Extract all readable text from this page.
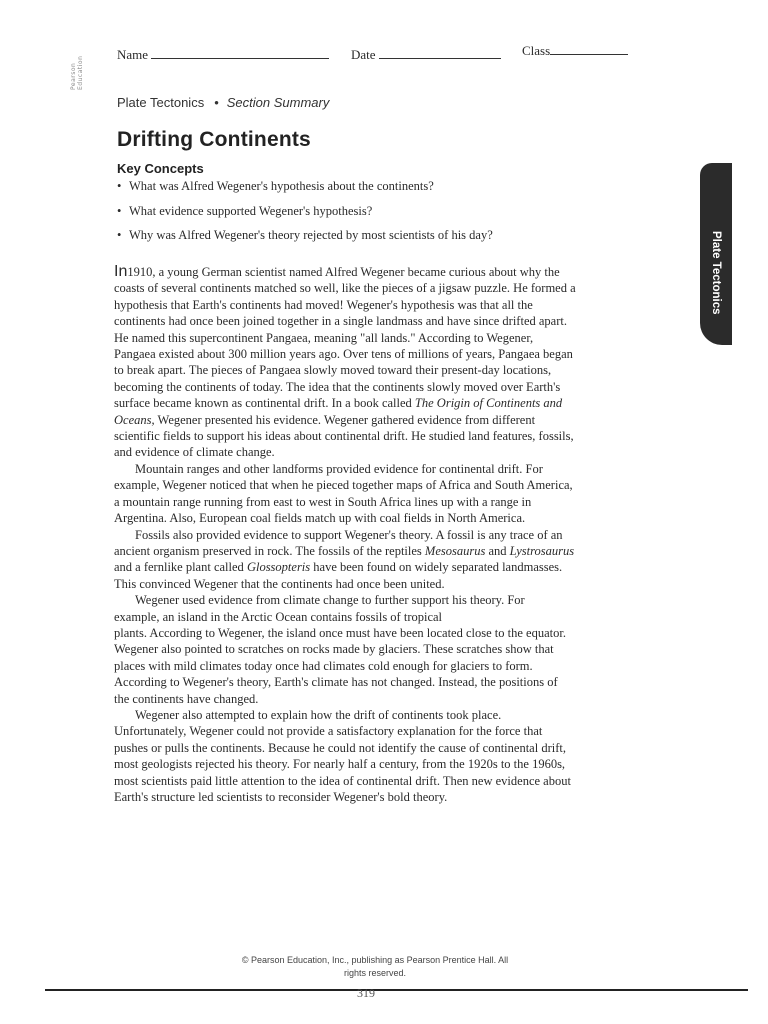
Pearson Education
Name	Date	Class
Plate Tectonics • Section Summary
Drifting Continents
Key Concepts
• What was Alfred Wegener's hypothesis about the continents?
• What evidence supported Wegener's hypothesis?
• Why was Alfred Wegener's theory rejected by most scientists of his day?	Plate Tectonics

In1910, a young German scientist named Alfred Wegener became curious about why the coasts of several continents matched so well, like the pieces of a jigsaw puzzle. He formed a hypothesis that Earth's continents had moved! Wegener's hypothesis was that all the continents had once been joined together in a single landmass and have since drifted apart. He named this supercontinent Pangaea, meaning "all lands." According to Wegener, Pangaea existed about 300 million years ago. Over tens of millions of years, Pangaea began to break apart. The pieces of Pangaea slowly moved toward their present-day locations, becoming the continents of today. The idea that the continents slowly moved over Earth's surface became known as continental drift. In a book called The Origin of Continents and Oceans, Wegener presented his evidence. Wegener gathered evidence from different scientific fields to support his ideas about continental drift. He studied land features, fossils, and evidence of climate change.

Mountain ranges and other landforms provided evidence for continental drift. For example, Wegener noticed that when he pieced together maps of Africa and South America, a mountain range running from east to west in South Africa lines up with a range in Argentina. Also, European coal fields match up with coal fields in North America.

Fossils also provided evidence to support Wegener's theory. A fossil is any trace of an ancient organism preserved in rock. The fossils of the reptiles Mesosaurus and Lystrosaurus and a fernlike plant called Glossopteris have been found on widely separated landmasses. This convinced Wegener that the continents had once been united.

Wegener used evidence from climate change to further support his theory. For example, an island in the Arctic Ocean contains fossils of tropical

plants. According to Wegener, the island once must have been located close to the equator. Wegener also pointed to scratches on rocks made by glaciers. These scratches show that places with mild climates today once had climates cold enough for glaciers to form. According to Wegener's theory, Earth's climate has not changed. Instead, the positions of the continents have changed.

Wegener also attempted to explain how the drift of continents took place. Unfortunately, Wegener could not provide a satisfactory explanation for the force that pushes or pulls the continents. Because he could not identify the cause of continental drift, most geologists rejected his theory. For nearly half a century, from the 1920s to the 1960s, most scientists paid little attention to the idea of continental drift. Then new evidence about Earth's structure led scientists to reconsider Wegener's bold theory.

© Pearson Education, Inc., publishing as Pearson Prentice Hall. All rights reserved.
319
